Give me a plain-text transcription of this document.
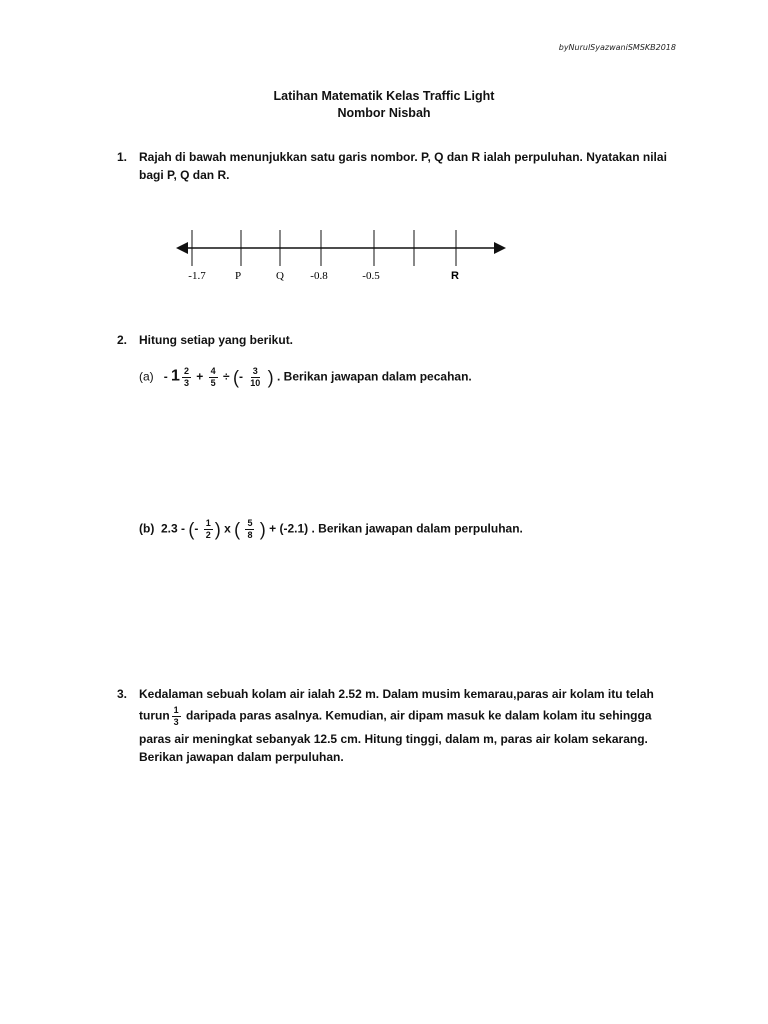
byNurulSyazwaniSMSKB2018
Latihan Matematik Kelas Traffic Light
Nombor Nisbah
1. Rajah di bawah menunjukkan satu garis nombor. P, Q dan R ialah perpuluhan. Nyatakan nilai bagi P, Q dan R.
-1.7	P	Q -0.8	-0.5	R
2. Hitung setiap yang berikut.
$(a) - 1 \frac{2}{3} + \frac{4}{5}$ ÷ (- $\frac{3}{10}$ ) . Berikan jawapan dalam pecahan.
(b) 2.3 - (- $\frac{1}{2}$ ) x ( $\frac{5}{8}$ ) + (-2.1) . Berikan jawapan dalam perpuluhan.
3. Kedalaman sebuah kolam air ialah 2.52 m. Dalam musim kemarau,paras air kolam itu telah
turun $\frac{1}{3}$ daripada paras asalnya. Kemudian, air dipam masuk ke dalam kolam itu sehingga
paras air meningkat sebanyak 12.5 cm. Hitung tinggi, dalam m, paras air kolam sekarang.
Berikan jawapan dalam perpuluhan.
